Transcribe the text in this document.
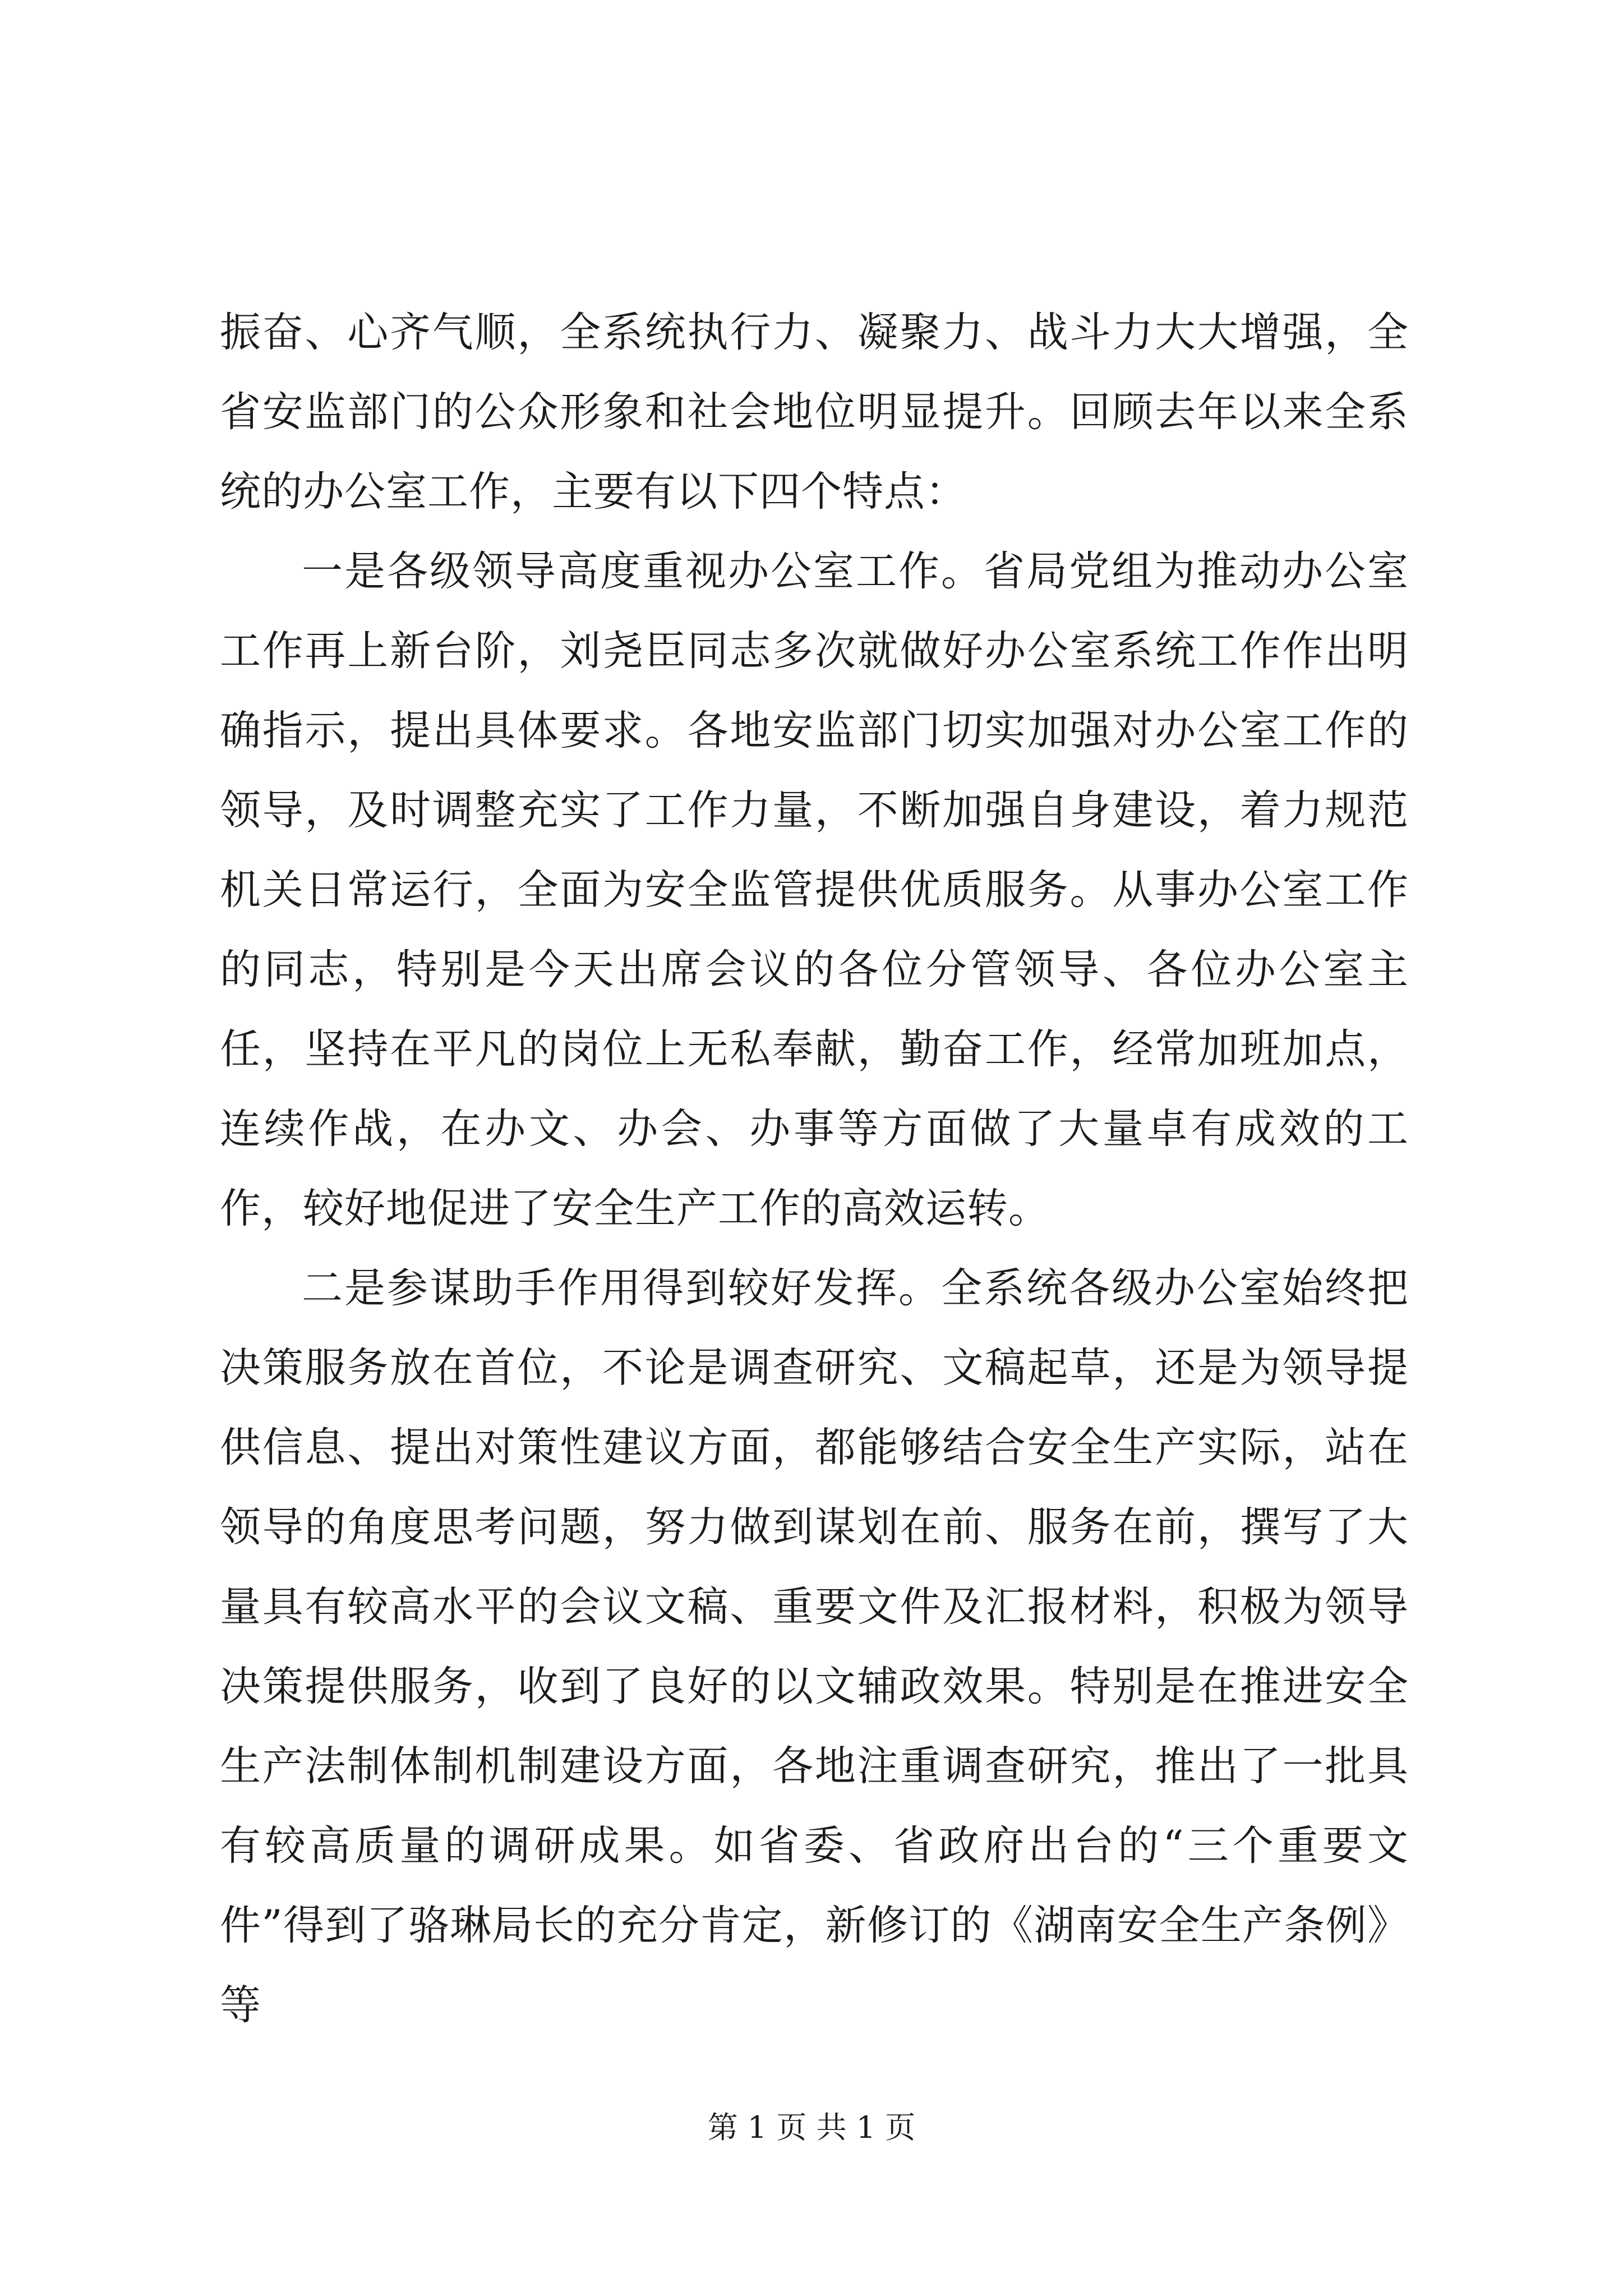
振奋、心齐气顺，全系统执行力、凝聚力、战斗力大大增强，全省安监部门的公众形象和社会地位明显提升。回顾去年以来全系统的办公室工作，主要有以下四个特点：

一是各级领导高度重视办公室工作。省局党组为推动办公室工作再上新台阶，刘尧臣同志多次就做好办公室系统工作作出明确指示，提出具体要求。各地安监部门切实加强对办公室工作的领导，及时调整充实了工作力量，不断加强自身建设，着力规范机关日常运行，全面为安全监管提供优质服务。从事办公室工作的同志，特别是今天出席会议的各位分管领导、各位办公室主任，坚持在平凡的岗位上无私奉献，勤奋工作，经常加班加点，连续作战，在办文、办会、办事等方面做了大量卓有成效的工作，较好地促进了安全生产工作的高效运转。

二是参谋助手作用得到较好发挥。全系统各级办公室始终把决策服务放在首位，不论是调查研究、文稿起草，还是为领导提供信息、提出对策性建议方面，都能够结合安全生产实际，站在领导的角度思考问题，努力做到谋划在前、服务在前，撰写了大量具有较高水平的会议文稿、重要文件及汇报材料，积极为领导决策提供服务，收到了良好的以文辅政效果。特别是在推进安全生产法制体制机制建设方面，各地注重调查研究，推出了一批具有较高质量的调研成果。如省委、省政府出台的“三个重要文件”得到了骆琳局长的充分肯定，新修订的《湖南安全生产条例》等

第 1 页 共 1 页
